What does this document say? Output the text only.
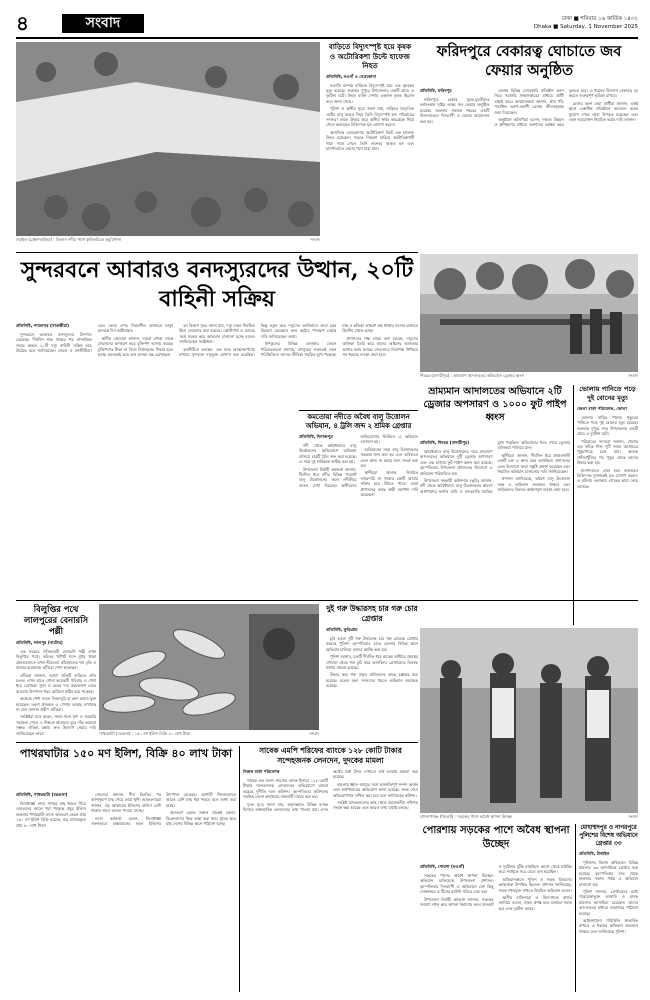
৪	সংবাদ	ঢাকা ■ শনিবার ১৬ কার্তিক ১৪৩২
Dhaka ■ Saturday, 1 November 2025
সরাইল (ব্রাহ্মণবাড়িয়া) : তিতাস নদীর পাশে কৃষিজমিতে কচুরিপানা	সংবাদ
বাড়িতে বিদ্যুৎস্পৃষ্ট হয়ে কৃষক ও অটোরিকশা উল্টে হাফেজ নিহত
প্রতিনিধি, নওগাঁ ও নেত্রকোনা

নওগাঁর মান্দায় বাড়িতে বিদ্যুৎস্পৃষ্ট হয়ে এক কৃষকের মৃত্যু হয়েছে। শুক্রবার দুপুরে উপজেলার একটি গ্রামে এ দুর্ঘটনা ঘটে। নিহত ব্যক্তি পেশায় একজন কৃষক ছিলেন বলে জানা গেছে।

পুলিশ ও স্থানীয় সূত্রে জানা যায়, বাড়িতে বৈদ্যুতিক মোটর চালু করতে গিয়ে তিনি বিদ্যুৎস্পৃষ্ট হন। পরিবারের সদস্যরা তাকে উদ্ধার করে স্থানীয় স্বাস্থ্য কমপ্লেক্সে নিয়ে গেলে কর্তব্যরত চিকিৎসক মৃত ঘোষণা করেন।

অন্যদিকে নেত্রকোনায় অটোরিকশা উল্টে এক হাফেজ নিহত হয়েছেন। সড়কে নিয়ন্ত্রণ হারিয়ে অটোরিকশাটি খাদে পড়ে গেলে তিনি গুরুতর আহত হন এবং হাসপাতালে নেয়ার পথে মারা যান।

ফরিদপুরে বেকারত্ব ঘোচাতে জব ফেয়ার অনুষ্ঠিত
প্রতিনিধি, ফরিদপুর

ফরিদপুরে বেকার যুবক-যুবতীদের কর্মসংস্থান সৃষ্টির লক্ষ্যে জব ফেয়ার অনুষ্ঠিত হয়েছে। শুক্রবার সকালে শহরের একটি মিলনায়তনে দিনব্যাপী এ মেলার আয়োজন করা হয়।

মেলায় বিভিন্ন বেসরকারি প্রতিষ্ঠান অংশ নিয়ে সরাসরি সাক্ষাৎকারের মাধ্যমে প্রার্থী বাছাই করে। আয়োজকরা জানান, প্রায় পাঁচ শতাধিক তরুণ-তরুণী মেলায় জীবনবৃত্তান্ত জমা দিয়েছেন।

অনুষ্ঠানে অতিথিরা বলেন, দক্ষতা উন্নয়ন ও প্রশিক্ষণের মাধ্যমে তরুণদের কর্মক্ষম করে তুলতে হবে। এ ধরনের উদ্যোগ বেকারত্ব দূর করতে গুরুত্বপূর্ণ ভূমিকা রাখবে।

মেলায় অংশ নেয়া প্রার্থীরা জানান, একই স্থানে একাধিক প্রতিষ্ঠানে আবেদন করার সুযোগ পেয়ে তারা উপকৃত হয়েছেন এবং এমন আয়োজন নিয়মিত করার দাবি জানান।

সুন্দরবনে আবারও বনদস্যুরদের উত্থান, ২০টি বাহিনী সক্রিয়
প্রতিনিধি, শ্যামনগর (সাতক্ষীরা)

সুন্দরবনে আবারও বনদস্যুদের উৎপাত বেড়েছে। দীর্ঘদিন শান্ত থাকার পর সাম্প্রতিক সময়ে অন্তত ২০টি দস্যু বাহিনী সক্রিয় হয়ে উঠেছে বলে জানিয়েছেন জেলে ও বনজীবীরা। এতে বনের ওপর নির্ভরশীল হাজারো মানুষ আতঙ্কে দিন কাটাচ্ছেন।

স্থানীয় জেলেরা জানান, দস্যুরা নৌকা থেকে জেলেদের অপহরণ করে মুক্তিপণ আদায় করছে। মুক্তিপণের টাকা না দিলে নির্যাতনের শিকার হতে হচ্ছে। অনেকেই ভয়ে বনে যাওয়া বন্ধ রেখেছেন।

বন বিভাগ সূত্রে জানা যায়, দস্যু দমনে নিয়মিত টহল জোরদার করা হয়েছে। কোস্টগার্ড ও র‌্যাবের সঙ্গে সমন্বয় করে অভিযান চালানো হচ্ছে বলেও জানিয়েছেন সংশ্লিষ্টরা।

বনজীবীরা বলছেন, এক সময় আত্মসমর্পণের মাধ্যমে সুন্দরবন দস্যুমুক্ত ঘোষণা করা হয়েছিল। কিন্তু নতুন করে দস্যুদের আবির্ভাবে তারা চরম উদ্বেগে রয়েছেন। দ্রুত কঠোর পদক্ষেপ নেয়ার দাবি জানিয়েছেন তারা।

উপকূলের বিভিন্ন এলাকার জেলে পরিবারগুলো জানায়, মৌসুমের শুরুতেই এমন পরিস্থিতিতে তাদের জীবিকা হুমকির মুখে পড়েছে। মাছ ও কাঁকড়া আহরণ বন্ধ থাকায় সংসার চালাতে হিমশিম খেতে হচ্ছে।

প্রশাসনের পক্ষ থেকে বলা হয়েছে, দস্যুদের তালিকা তৈরি করে তাদের আইনের আওতায় আনার কাজ চলছে। জেলেদের নিরাপত্তা নিশ্চিতে সব ধরনের ব্যবস্থা নেয়া হবে।

শিবচর (মাদারীপুর) : ভ্রাম্যমাণ আদালতের অভিযানে ড্রেজার ধ্বংস	সংবাদ
ভ্রাম্যমান আদালতের অভিযানে ২টি ড্রেজার অপসারণ ও ১০০০ ফুট পাইপ ধ্বংস
প্রতিনিধি, শিবচর (মাদারীপুর)

অবৈধভাবে বালু উত্তোলনের দায়ে ভ্রাম্যমাণ আদালতের অভিযানে দুটি ড্রেজার অপসারণ এবং এক হাজার ফুট পাইপ ধ্বংস করা হয়েছে। বৃহস্পতিবার উপজেলা প্রশাসনের উদ্যোগে এ অভিযান পরিচালিত হয়।

উপজেলা সহকারী কমিশনার (ভূমি) জানান, নদী থেকে অবৈধভাবে বালু উত্তোলনের কারণে আশপাশের ফসলি জমি ও বসতবাড়ি হুমকির মুখে পড়ছিল। অভিযানের খবর পেয়ে ড্রেজার মালিকরা পালিয়ে যান।

স্থানীয়রা জানান, দীর্ঘদিন ধরে প্রভাবশালী একটি চক্র এ কাজ করে আসছিল। প্রশাসনের এমন উদ্যোগে তারা সন্তুষ্টি প্রকাশ করেছেন এবং নিয়মিত অভিযান চালানোর দাবি জানিয়েছেন।

প্রশাসন জানিয়েছে, অবৈধ বালু উত্তোলন বন্ধে এ অভিযান অব্যাহত থাকবে এবং জড়িতদের বিরুদ্ধে আইনানুগ ব্যবস্থা নেয়া হবে।

ভোলায় পানিতে পড়ে দুই বোনের মৃত্যু
জেলা বার্তা পরিবেশক, ভোলা

ভোলায় বাড়ির পাশের পুকুরের পানিতে পড়ে দুই বোনের মৃত্যু হয়েছে। শুক্রবার দুপুরে সদর উপজেলার একটি গ্রামে এ দুর্ঘটনা ঘটে।

পরিবারের সদস্যরা জানান, খেলার এক ফাঁকে শিশু দুটি সবার অগোচরে পুকুরপাড়ে চলে যায়। অনেক খোঁজাখুঁজির পর পুকুর থেকে তাদের উদ্ধার করা হয়।

হাসপাতালে নেয়া হলে কর্তব্যরত চিকিৎসক দুজনকেই মৃত ঘোষণা করেন। এ ঘটনায় এলাকায় শোকের ছায়া নেমে এসেছে।

কমতোয়া নদীতে অবৈধ বালু উত্তোলন অভিযান, ৪ ট্রলি জব্দ ২ শ্রমিক গ্রেপ্তার
প্রতিনিধি, দিনাজপুর

নদী থেকে অবৈধভাবে বালু উত্তোলনের অভিযোগে অভিযান চালিয়ে চারটি ট্রলি জব্দ করা হয়েছে। এ সময় দুই শ্রমিককে আটক করা হয়।

উপজেলা নির্বাহী কর্মকর্তা জানান, দীর্ঘদিন ধরে নদীর বিভিন্ন পয়েন্টে বালু উত্তোলনের ফলে নদীতীরে ভাঙন দেখা দিয়েছে। স্থানীয়দের অভিযোগের ভিত্তিতে এ অভিযান চালানো হয়।

অভিযানের সময় বালু উত্তোলনের সরঞ্জাম জব্দ করা হয় এবং ভবিষ্যতে এমন কাজ না করার জন্য সতর্ক করা হয়।

স্থানীয়রা জানান, নিয়মিত নজরদারি না থাকায় চক্রটি আবার সক্রিয় হয়ে উঠতে পারে। তারা প্রশাসনের কাছে স্থায়ী সমাধান দাবি করেছেন।

বিলুপ্তির পথে লালপুরের বেনারসি পল্লী
প্রতিনিধি, লালপুর (নাটোর)

এক সময়ের ঐতিহ্যবাহী বেনারসি পল্লী এখন বিলুপ্তির পথে। তাঁতের খটখট শব্দে মুখর থাকা গ্রামগুলোতে এখন নীরবতা। কাঁচামালের দাম বৃদ্ধি ও বাজার হারানোয় তাঁতিরা পেশা ছাড়ছেন।

তাঁতিরা জানান, আগে প্রতিটি বাড়িতে তাঁত চলত। এখন হাতে গোনা কয়েকটি পরিবার এ পেশা ধরে রেখেছে। সুতা ও রঙের দাম কয়েকগুণ বেড়ে যাওয়ায় উৎপাদন খরচ মেটানো কঠিন হয়ে পড়েছে।

অনেকে পেশা বদলে দিনমজুরি বা অন্য কাজে যুক্ত হয়েছেন। তরুণ প্রজন্মও এ পেশায় আগ্রহ দেখাচ্ছে না বলে জানান প্রবীণ তাঁতিরা।

সংশ্লিষ্টরা মনে করেন, সহজ শর্তে ঋণ ও সরকারি সহায়তা পেলে এ শিল্পকে আবারও ঘুরে দাঁড় করানো সম্ভব। ঐতিহ্য রক্ষায় দ্রুত উদ্যোগ নেয়ার দাবি জানিয়েছেন তারা।	পাথরঘাটা (বরগুনা) : ১৫০ মণ ইলিশ বিক্রি ৪০ লাখ টাকা	সংবাদ
দুই গরু উদ্ধারসহ চার গরু চোর গ্রেপ্তার
প্রতিনিধি, কুড়িগ্রাম

চুরি হওয়া দুটি গরু উদ্ধারসহ চার গরু চোরকে গ্রেপ্তার করেছে পুলিশ। বৃহস্পতিবার রাতে জেলার বিভিন্ন স্থানে অভিযান চালিয়ে তাদের আটক করা হয়।

পুলিশ জানায়, চক্রটি দীর্ঘদিন ধরে রাতের আঁধারে গৃহস্থের গোয়াল থেকে গরু চুরি করে আসছিল। গ্রেপ্তারদের বিরুদ্ধে থানায় মামলা হয়েছে।

উদ্ধার করা গরু প্রকৃত মালিকদের কাছে হস্তান্তর করা হয়েছে। চক্রের অন্য সদস্যদের ধরতে অভিযান অব্যাহত রয়েছে।

গোলাপগঞ্জ (সিলেট) : সড়কের পাশে অবৈধ স্থাপনা উচ্ছেদ	সংবাদ
পাথরঘাটার ১৫০ মণ ইলিশ, বিক্রি ৪০ লাখ টাকা
প্রতিনিধি, পাথরঘাটা (বরগুনা)

নিষেধাজ্ঞা শেষে সাগরে মাছ ধরতে গিয়ে জেলেদের জালে ধরা পড়েছে প্রচুর ইলিশ। শুক্রবার পাথরঘাটা মৎস্য অবতরণ কেন্দ্রে প্রায় ১৫০ মণ ইলিশ বিক্রি হয়েছে, যার বাজারমূল্য প্রায় ৪০ লাখ টাকা।

জেলেরা জানান, দীর্ঘ বিরতির পর আশানুরূপ মাছ পেয়ে তারা খুশি। আড়তদাররা জানান, বড় আকারের ইলিশের চাহিদা বেশি থাকায় দামও ভালো পাওয়া যাচ্ছে।

মৎস্য কর্মকর্তা বলেন, নিষেধাজ্ঞা সফলভাবে বাস্তবায়নের ফলে ইলিশের উৎপাদন বেড়েছে। আগামী দিনগুলোতে আরও বেশি মাছ ধরা পড়বে বলে আশা করা হচ্ছে।

অবতরণ কেন্দ্রে সকাল থেকেই ক্রেতা-বিক্রেতাদের ভিড় লক্ষ্য করা যায়। ট্রাকে করে মাছ দেশের বিভিন্ন স্থানে পাঠানো হচ্ছে।

সাবেক এমপি শরিফের ব্যাংকে ১২৮ কোটি টাকার সন্দেহজনক লেনদেন, দুদকের মামলা
নিজস্ব বার্তা পরিবেশক

সাবেক এক সংসদ সদস্যের ব্যাংক হিসাবে ১২৮ কোটি টাকার সন্দেহজনক লেনদেনের অভিযোগে মামলা করেছে দুর্নীতি দমন কমিশন। বৃহস্পতিবার কমিশনের সমন্বিত জেলা কার্যালয়ে মামলাটি দায়ের করা হয়।

দুদক সূত্রে জানা যায়, অনুসন্ধানে বিভিন্ন ব্যাংক হিসাবে অস্বাভাবিক লেনদেনের তথ্য পাওয়া যায়। এসব অর্থের বৈধ উৎস দেখাতে ব্যর্থ হওয়ায় মামলা করা হয়েছে।

মামলায় জ্ঞাত আয়ের সঙ্গে অসঙ্গতিপূর্ণ সম্পদ অর্জন এবং অর্থপাচারের অভিযোগ আনা হয়েছে। তদন্ত শেষে অভিযোগপত্র দাখিল করা হবে বলে জানিয়েছে কমিশন।

সংশ্লিষ্ট ব্যাংকগুলোর কাছ থেকে প্রয়োজনীয় নথিপত্র সংগ্রহ করা হয়েছে এবং আরও তথ্য যাচাই চলছে।

পোরশায় সড়কের পাশে অবৈধ স্থাপনা উচ্ছেদ
প্রতিনিধি, পোরশা (নওগাঁ)

সড়কের পাশের অবৈধ স্থাপনা উচ্ছেদে অভিযান চালিয়েছে উপজেলা প্রশাসন। বৃহস্পতিবার দিনব্যাপী এ অভিযানে বেশ কিছু দোকানঘর ও টিনের ছাউনি সরিয়ে দেয়া হয়।

উপজেলা নির্বাহী কর্মকর্তা জানান, সড়কের জায়গা দখল করে স্থাপনা নির্মাণের ফলে যানজট ও দুর্ঘটনার ঝুঁকি বাড়ছিল। আগে থেকে মাইকিং করে সবাইকে সরে যেতে বলা হয়েছিল।

অভিযানকালে পুলিশ ও সড়ক বিভাগের কর্মকর্তারা উপস্থিত ছিলেন। প্রশাসন জানিয়েছে, সড়ক দখলমুক্ত রাখতে নিয়মিত অভিযান চলবে।

স্থানীয় বাসিন্দারা এ উদ্যোগকে স্বাগত জানিয়ে বলেন, সড়ক প্রশস্ত হলে চলাচল সহজ হবে এবং দুর্ঘটনা কমবে।

মোহাম্মদপুর ও নাগরপুরে পুলিশের বিশেষ অভিযানে গ্রেপ্তার ৩৩
প্রতিনিধি, টাঙ্গাইল

পুলিশের বিশেষ অভিযানে বিভিন্ন মামলার ৩৩ আসামিকে গ্রেপ্তার করা হয়েছে। বৃহস্পতিবার রাত থেকে শুক্রবার সকাল পর্যন্ত এ অভিযান চালানো হয়।

পুলিশ জানায়, গ্রেপ্তারদের মধ্যে পরোয়ানাভুক্ত আসামি ও মাদক মামলার আসামিরা রয়েছেন। তাদের আদালতের মাধ্যমে কারাগারে পাঠানো হয়েছে।

আইনশৃঙ্খলা পরিস্থিতি স্বাভাবিক রাখতে এ ধরনের অভিযান অব্যাহত থাকবে বলে জানিয়েছে পুলিশ।
